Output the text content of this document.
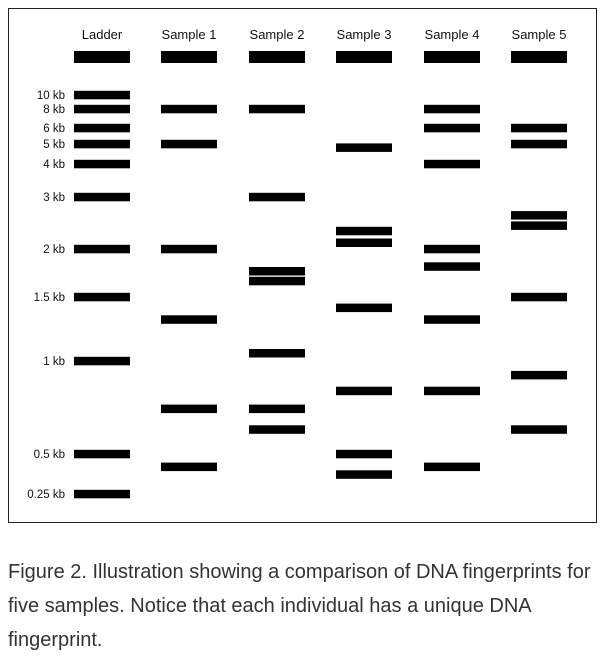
Ladder	Sample 1	Sample 2 Sample 3	Sample 4 Sample 5
10 kb
8 kb
6 kb
5 kb
4 kb
3 kb
2 kb
1.5 kb
1 kb
0.5 kb
0.25 kb

Figure 2. Illustration showing a comparison of DNA fingerprints for five samples. Notice that each individual has a unique DNA fingerprint.
